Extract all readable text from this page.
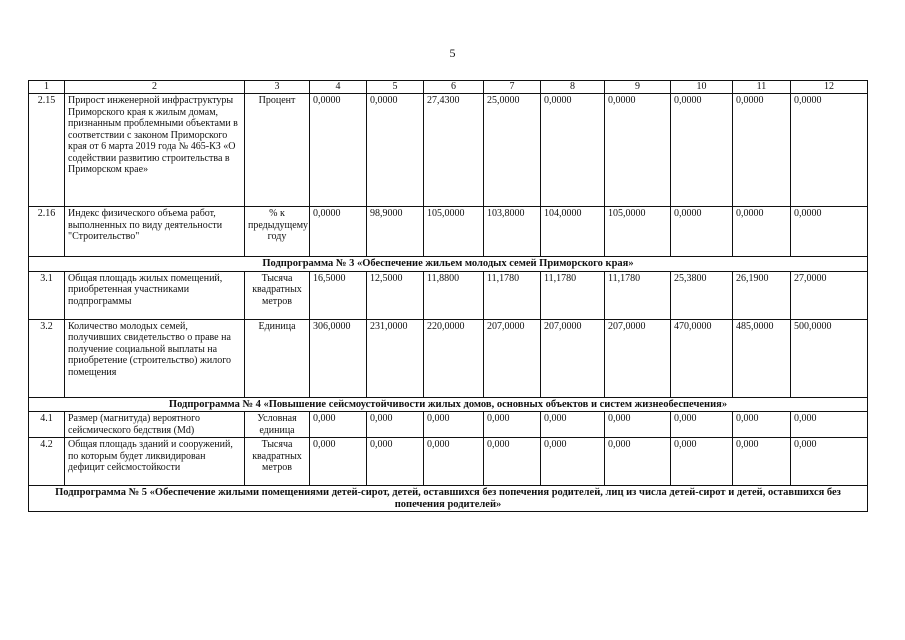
5
1	2	3	4	5	6	7	8	9	10	11	12
2.15	Прирост инженерной инфраструктуры Приморского края к жилым домам, признанным проблемными объектами в соответствии с законом Приморского края от 6 марта 2019 года № 465-КЗ «О содействии развитию строительства в Приморском крае»	Процент	0,0000	0,0000	27,4300	25,0000	0,0000	0,0000	0,0000	0,0000	0,0000
2.16	Индекс физического объема работ, выполненных по виду деятельности "Строительство"	% к предыдущему году	0,0000	98,9000	105,0000	103,8000	104,0000	105,0000	0,0000	0,0000	0,0000
Подпрограмма № 3 «Обеспечение жильем молодых семей Приморского края»											
3.1	Общая площадь жилых помещений, приобретенная участниками подпрограммы	Тысяча квадратных метров	16,5000	12,5000	11,8800	11,1780	11,1780	11,1780	25,3800	26,1900	27,0000
3.2	Количество молодых семей, получивших свидетельство о праве на получение социальной выплаты на приобретение (строительство) жилого помещения	Единица	306,0000	231,0000	220,0000	207,0000	207,0000	207,0000	470,0000	485,0000	500,0000
Подпрограмма № 4 «Повышение сейсмоустойчивости жилых домов, основных объектов и систем жизнеобеспечения»											
4.1	Размер (магнитуда) вероятного сейсмического бедствия (Md)	Условная единица	0,000	0,000	0,000	0,000	0,000	0,000	0,000	0,000	0,000
4.2	Общая площадь зданий и сооружений, по которым будет ликвидирован дефицит сейсмостойкости	Тысяча квадратных метров	0,000	0,000	0,000	0,000	0,000	0,000	0,000	0,000	0,000
Подпрограмма № 5 «Обеспечение жилыми помещениями детей-сирот, детей, оставшихся без попечения родителей, лиц из числа детей-сирот и детей, оставшихся без попечения родителей»											
